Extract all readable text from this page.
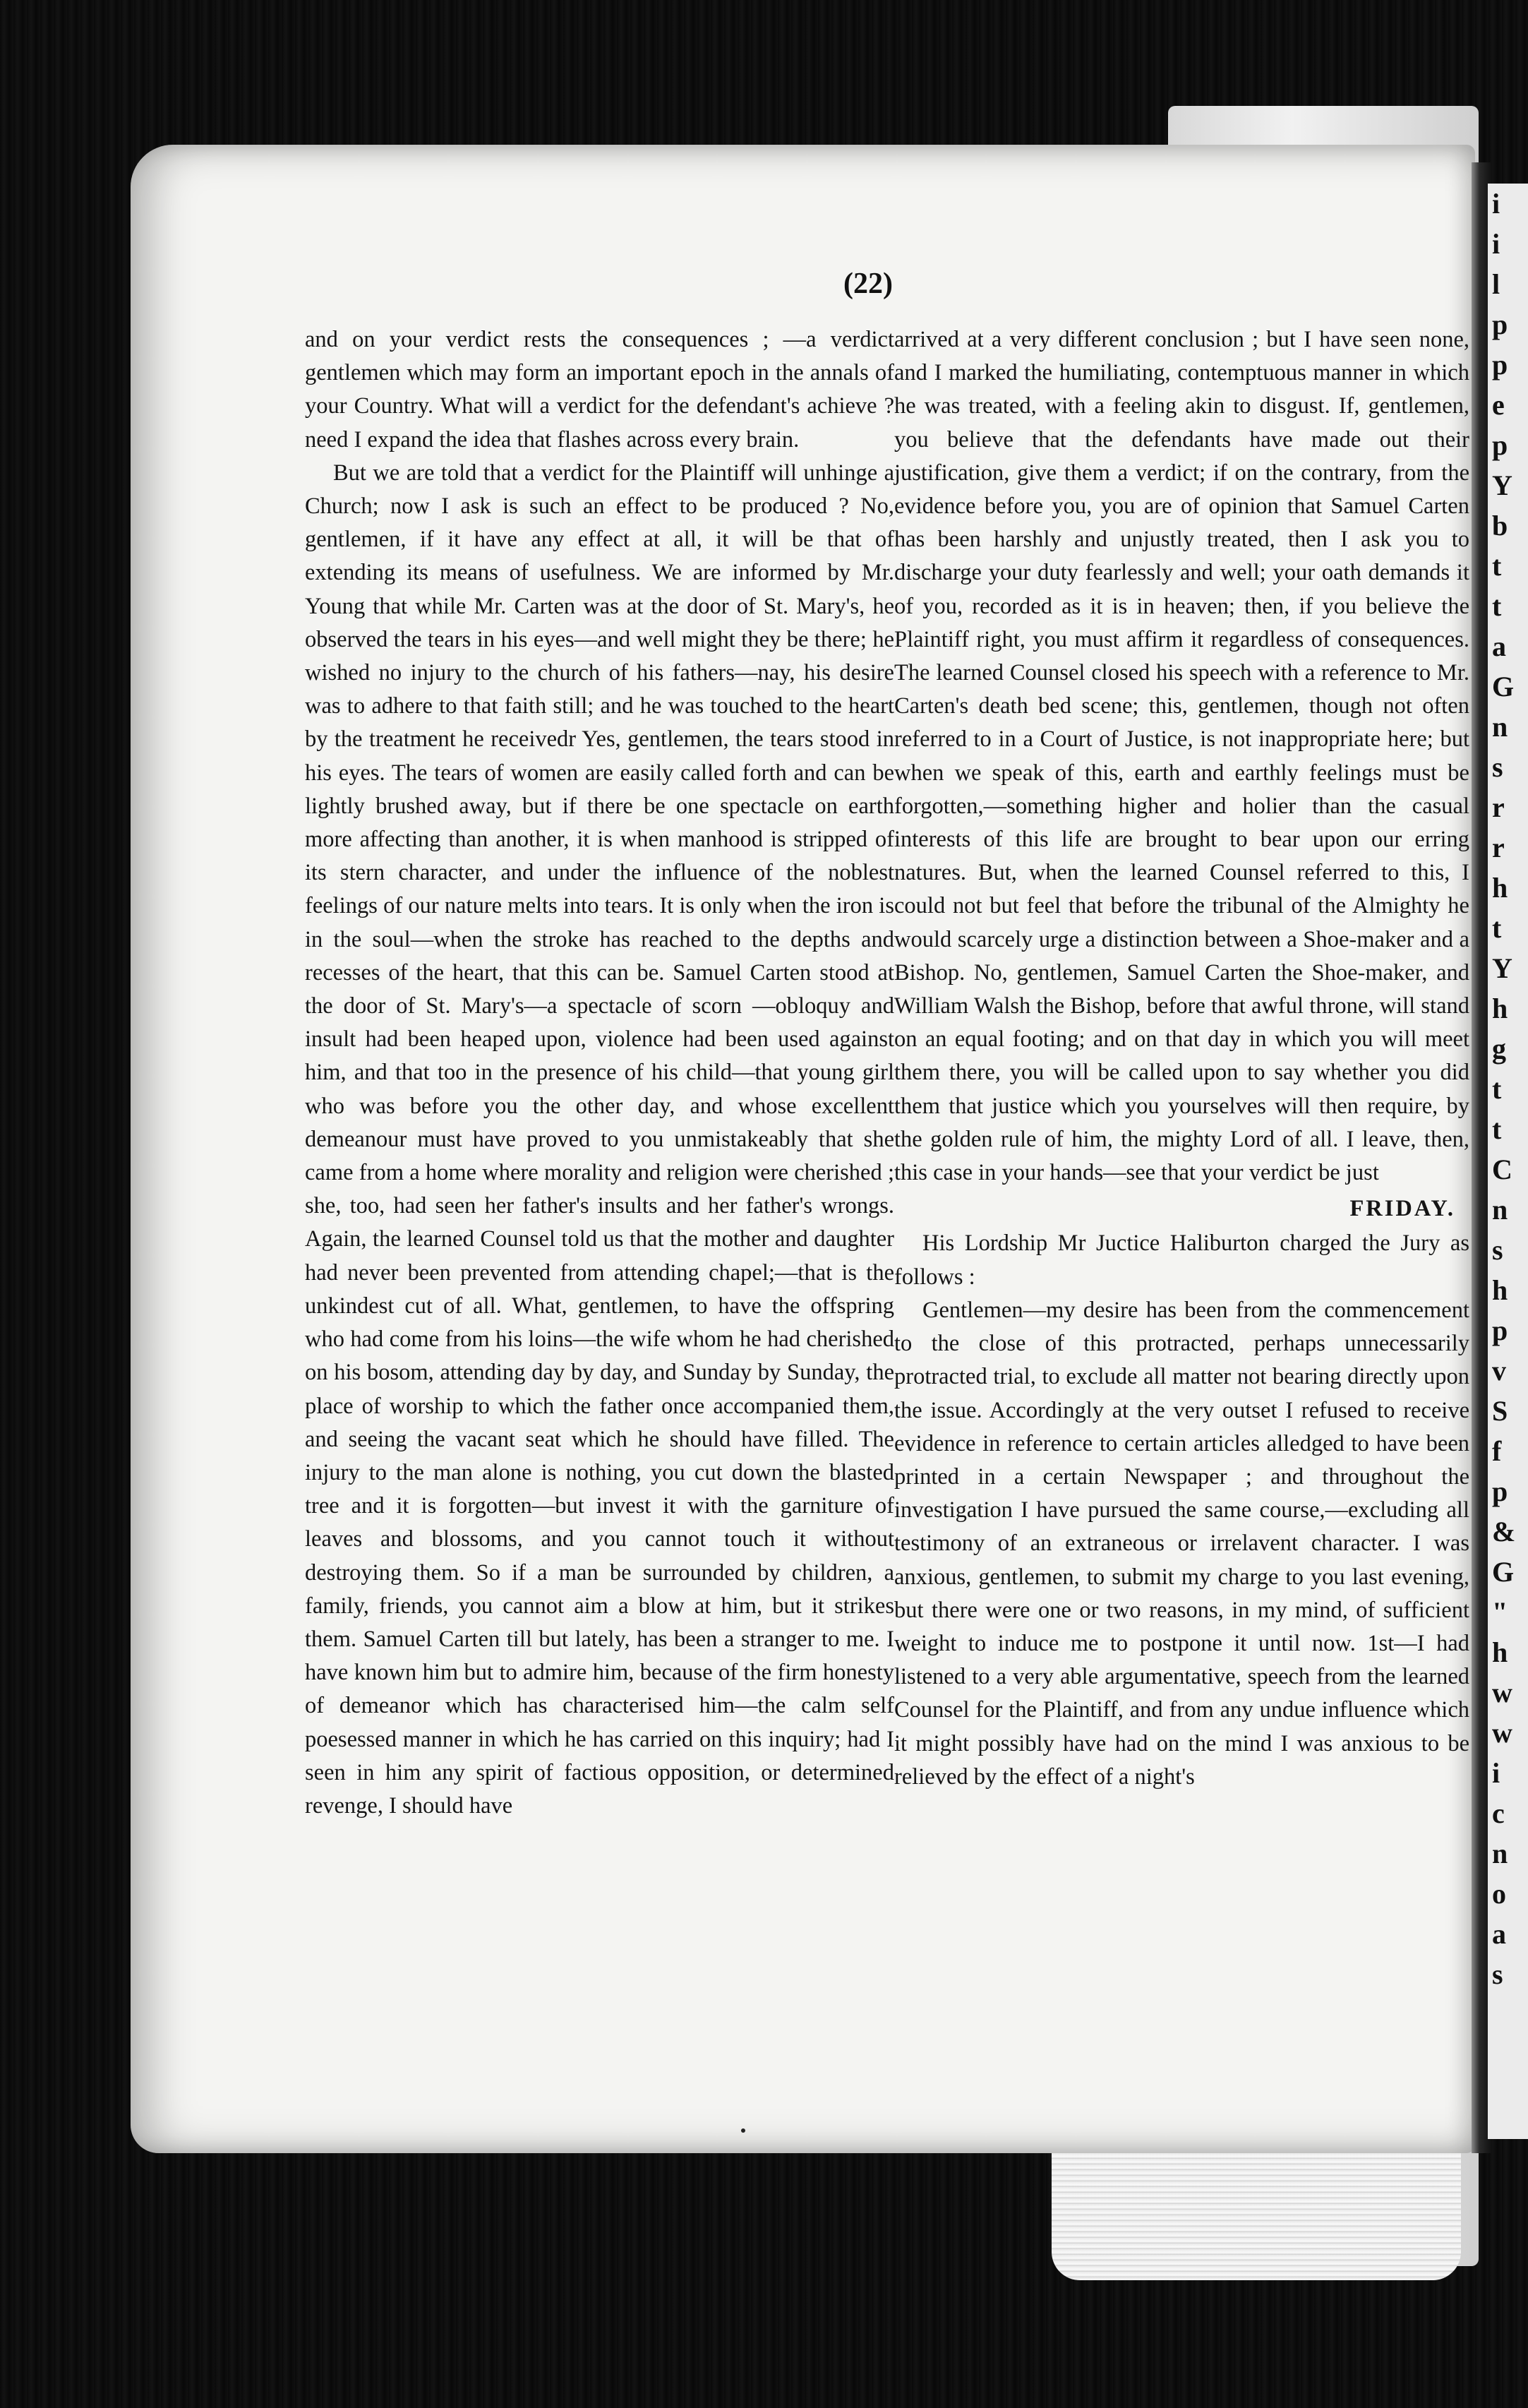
i
i
l
p
p
e
p
Y
b
t
t
a
G
n
s
r
r
h
t
Y
h
g
t
t
C
n
s
h
p
v
S
f
p
&
G
"
h
w
w
i
c
n
o
a
s
(22)

and on your verdict rests the consequences ; —a verdict gentlemen which may form an important epoch in the annals of your Country. What will a verdict for the defendant's achieve ? need I expand the idea that flashes across every brain.

But we are told that a verdict for the Plaintiff will unhinge a Church; now I ask is such an effect to be produced ? No, gentlemen, if it have any effect at all, it will be that of extending its means of usefulness. We are informed by Mr. Young that while Mr. Carten was at the door of St. Mary's, he observed the tears in his eyes—and well might they be there; he wished no injury to the church of his fathers—nay, his desire was to adhere to that faith still; and he was touched to the heart by the treatment he receivedr Yes, gentlemen, the tears stood in his eyes. The tears of women are easily called forth and can be lightly brushed away, but if there be one spectacle on earth more affecting than another, it is when manhood is stripped of its stern character, and under the influence of the noblest feelings of our nature melts into tears. It is only when the iron is in the soul—when the stroke has reached to the depths and recesses of the heart, that this can be. Samuel Carten stood at the door of St. Mary's—a spectacle of scorn —obloquy and insult had been heaped upon, violence had been used against him, and that too in the presence of his child—that young girl who was before you the other day, and whose excellent demeanour must have proved to you unmistakeably that she came from a home where morality and religion were cherished ; she, too, had seen her father's insults and her father's wrongs. Again, the learned Counsel told us that the mother and daughter had never been prevented from attending chapel;—that is the unkindest cut of all. What, gentlemen, to have the offspring who had come from his loins—the wife whom he had cherished on his bosom, attending day by day, and Sunday by Sunday, the place of worship to which the father once accompanied them, and seeing the vacant seat which he should have filled. The injury to the man alone is nothing, you cut down the blasted tree and it is forgotten—but invest it with the garniture of leaves and blossoms, and you cannot touch it without destroying them. So if a man be surrounded by children, a family, friends, you cannot aim a blow at him, but it strikes them. Samuel Carten till but lately, has been a stranger to me. I have known him but to admire him, because of the firm honesty of demeanor which has characterised him—the calm self poesessed manner in which he has carried on this inquiry; had I seen in him any spirit of factious opposition, or determined revenge, I should have

arrived at a very different conclusion ; but I have seen none, and I marked the humiliating, contemptuous manner in which he was treated, with a feeling akin to disgust. If, gentlemen, you believe that the defendants have made out their justification, give them a verdict; if on the contrary, from the evidence before you, you are of opinion that Samuel Carten has been harshly and unjustly treated, then I ask you to discharge your duty fearlessly and well; your oath demands it of you, recorded as it is in heaven; then, if you believe the Plaintiff right, you must affirm it regardless of consequences. The learned Counsel closed his speech with a reference to Mr. Carten's death bed scene; this, gentlemen, though not often referred to in a Court of Justice, is not inappropriate here; but when we speak of this, earth and earthly feelings must be forgotten,—something higher and holier than the casual interests of this life are brought to bear upon our erring natures. But, when the learned Counsel referred to this, I could not but feel that before the tribunal of the Almighty he would scarcely urge a distinction between a Shoe-maker and a Bishop. No, gentlemen, Samuel Carten the Shoe-maker, and William Walsh the Bishop, before that awful throne, will stand on an equal footing; and on that day in which you will meet them there, you will be called upon to say whether you did them that justice which you yourselves will then require, by the golden rule of him, the mighty Lord of all. I leave, then, this case in your hands—see that your verdict be just

FRIDAY.

His Lordship Mr Juctice Haliburton charged the Jury as follows :

Gentlemen—my desire has been from the commencement to the close of this protracted, perhaps unnecessarily protracted trial, to exclude all matter not bearing directly upon the issue. Accordingly at the very outset I refused to receive evidence in reference to certain articles alledged to have been printed in a certain Newspaper ; and throughout the investigation I have pursued the same course,—excluding all testimony of an extraneous or irrelavent character. I was anxious, gentlemen, to submit my charge to you last evening, but there were one or two reasons, in my mind, of sufficient weight to induce me to postpone it until now. 1st—I had listened to a very able argumentative, speech from the learned Counsel for the Plaintiff, and from any undue influence which it might possibly have had on the mind I was anxious to be relieved by the effect of a night's
